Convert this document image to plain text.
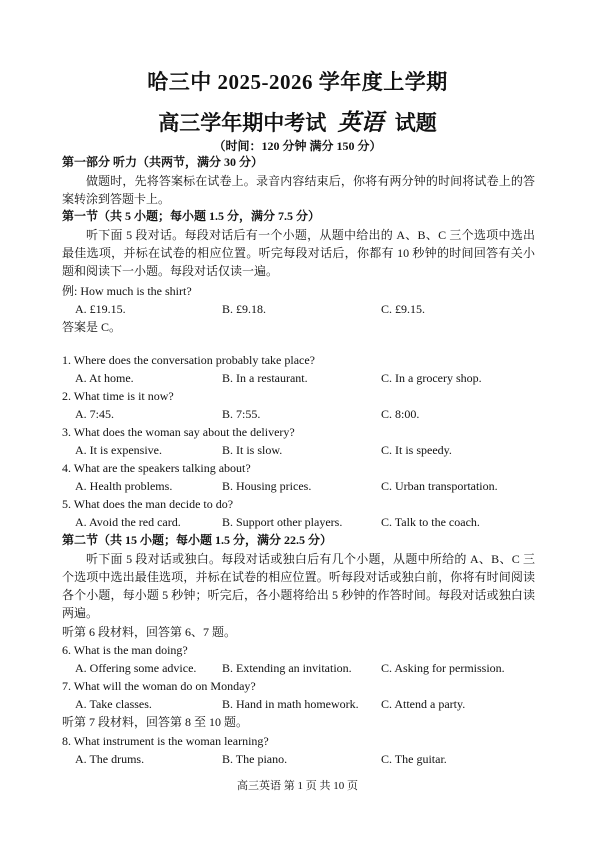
哈三中 2025-2026 学年度上学期
高三学年期中考试 英语 试题
（时间：120 分钟 满分 150 分）
第一部分 听力（共两节，满分 30 分）
做题时，先将答案标在试卷上。录音内容结束后，你将有两分钟的时间将试卷上的答案转涂到答题卡上。
第一节（共 5 小题；每小题 1.5 分，满分 7.5 分）
听下面 5 段对话。每段对话后有一个小题，从题中给出的 A、B、C 三个选项中选出最佳选项，并标在试卷的相应位置。听完每段对话后，你都有 10 秒钟的时间回答有关小题和阅读下一小题。每段对话仅读一遍。
例: How much is the shirt?
A. £19.15.	B. £9.18.	C. £9.15.
答案是 C。
1. Where does the conversation probably take place?
A. At home.	B. In a restaurant.	C. In a grocery shop.
2. What time is it now?
A. 7:45.	B. 7:55.	C. 8:00.
3. What does the woman say about the delivery?
A. It is expensive.	B. It is slow.	C. It is speedy.
4. What are the speakers talking about?
A. Health problems.	B. Housing prices.	C. Urban transportation.
5. What does the man decide to do?
A. Avoid the red card.	B. Support other players.	C. Talk to the coach.
第二节（共 15 小题；每小题 1.5 分，满分 22.5 分）
听下面 5 段对话或独白。每段对话或独白后有几个小题，从题中所给的 A、B、C 三个选项中选出最佳选项，并标在试卷的相应位置。听每段对话或独白前，你将有时间阅读各个小题，每小题 5 秒钟；听完后，各小题将给出 5 秒钟的作答时间。每段对话或独白读两遍。
听第 6 段材料，回答第 6、7 题。
6. What is the man doing?
A. Offering some advice. B. Extending an invitation. C. Asking for permission.
7. What will the woman do on Monday?
A. Take classes.	B. Hand in math homework. C. Attend a party.
听第 7 段材料，回答第 8 至 10 题。
8. What instrument is the woman learning?
A. The drums.	B. The piano.	C. The guitar.
高三英语 第 1 页 共 10 页
